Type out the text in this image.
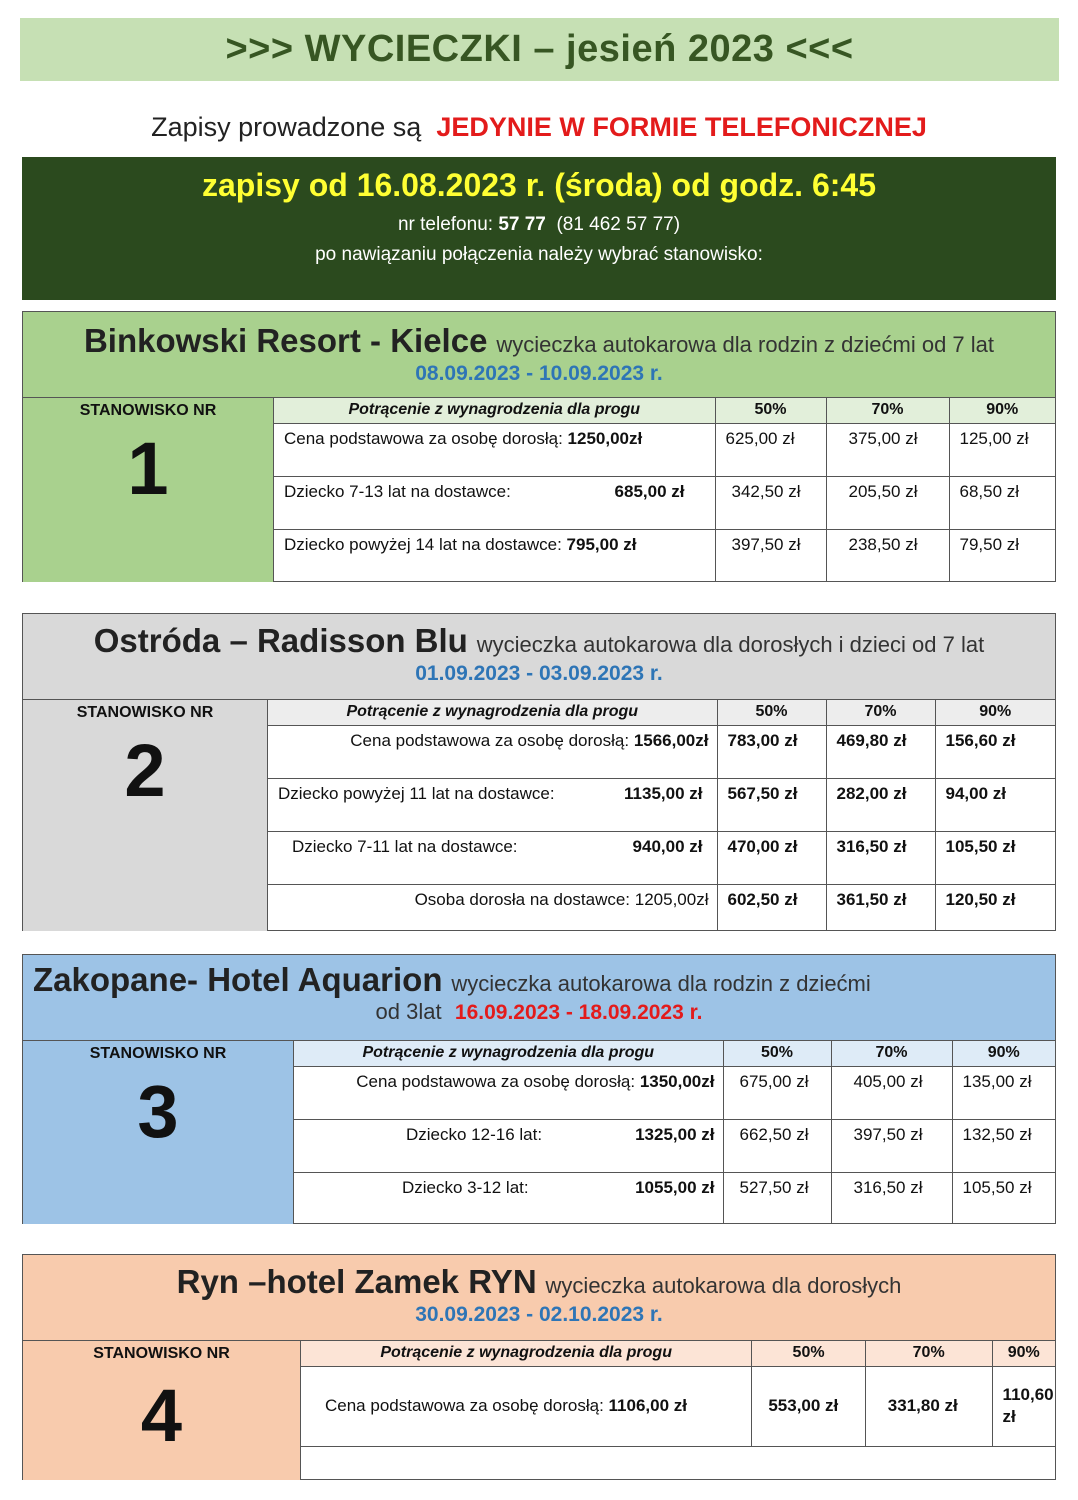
>>> WYCIECZKI – jesień 2023 <<<
Zapisy prowadzone są JEDYNIE W FORMIE TELEFONICZNEJ
zapisy od 16.08.2023 r. (środa) od godz. 6:45
nr telefonu: 57 77 (81 462 57 77)
po nawiązaniu połączenia należy wybrać stanowisko:
Binkowski Resort - Kielce wycieczka autokarowa dla rodzin z dziećmi od 7 lat
08.09.2023 - 10.09.2023 r.
STANOWISKO NR
1
Potrącenie z wynagrodzenia dla progu	50%	70%	90%
Cena podstawowa za osobę dorosłą: 1250,00zł	625,00 zł	375,00 zł	125,00 zł
Dziecko 7-13 lat na dostawce: 685,00 zł	342,50 zł	205,50 zł	68,50 zł
Dziecko powyżej 14 lat na dostawce: 795,00 zł	397,50 zł	238,50 zł	79,50 zł
Ostróda – Radisson Blu wycieczka autokarowa dla dorosłych i dzieci od 7 lat
01.09.2023 - 03.09.2023 r.
STANOWISKO NR
2
Potrącenie z wynagrodzenia dla progu	50%	70%	90%
Cena podstawowa za osobę dorosłą: 1566,00zł	783,00 zł	469,80 zł	156,60 zł
Dziecko powyżej 11 lat na dostawce: 1135,00 zł	567,50 zł	282,00 zł	94,00 zł
Dziecko 7-11 lat na dostawce: 940,00 zł	470,00 zł	316,50 zł	105,50 zł
Osoba dorosła na dostawce: 1205,00zł	602,50 zł	361,50 zł	120,50 zł
Zakopane- Hotel Aquarion wycieczka autokarowa dla rodzin z dziećmi
od 3lat 16.09.2023 - 18.09.2023 r.
STANOWISKO NR
3
Potrącenie z wynagrodzenia dla progu	50%	70%	90%
Cena podstawowa za osobę dorosłą: 1350,00zł	675,00 zł	405,00 zł	135,00 zł
Dziecko 12-16 lat: 1325,00 zł	662,50 zł	397,50 zł	132,50 zł
Dziecko 3-12 lat: 1055,00 zł	527,50 zł	316,50 zł	105,50 zł
Ryn –hotel Zamek RYN wycieczka autokarowa dla dorosłych
30.09.2023 - 02.10.2023 r.
STANOWISKO NR
4
Potrącenie z wynagrodzenia dla progu	50%	70%	90%
Cena podstawowa za osobę dorosłą: 1106,00 zł	553,00 zł	331,80 zł	110,60 zł
